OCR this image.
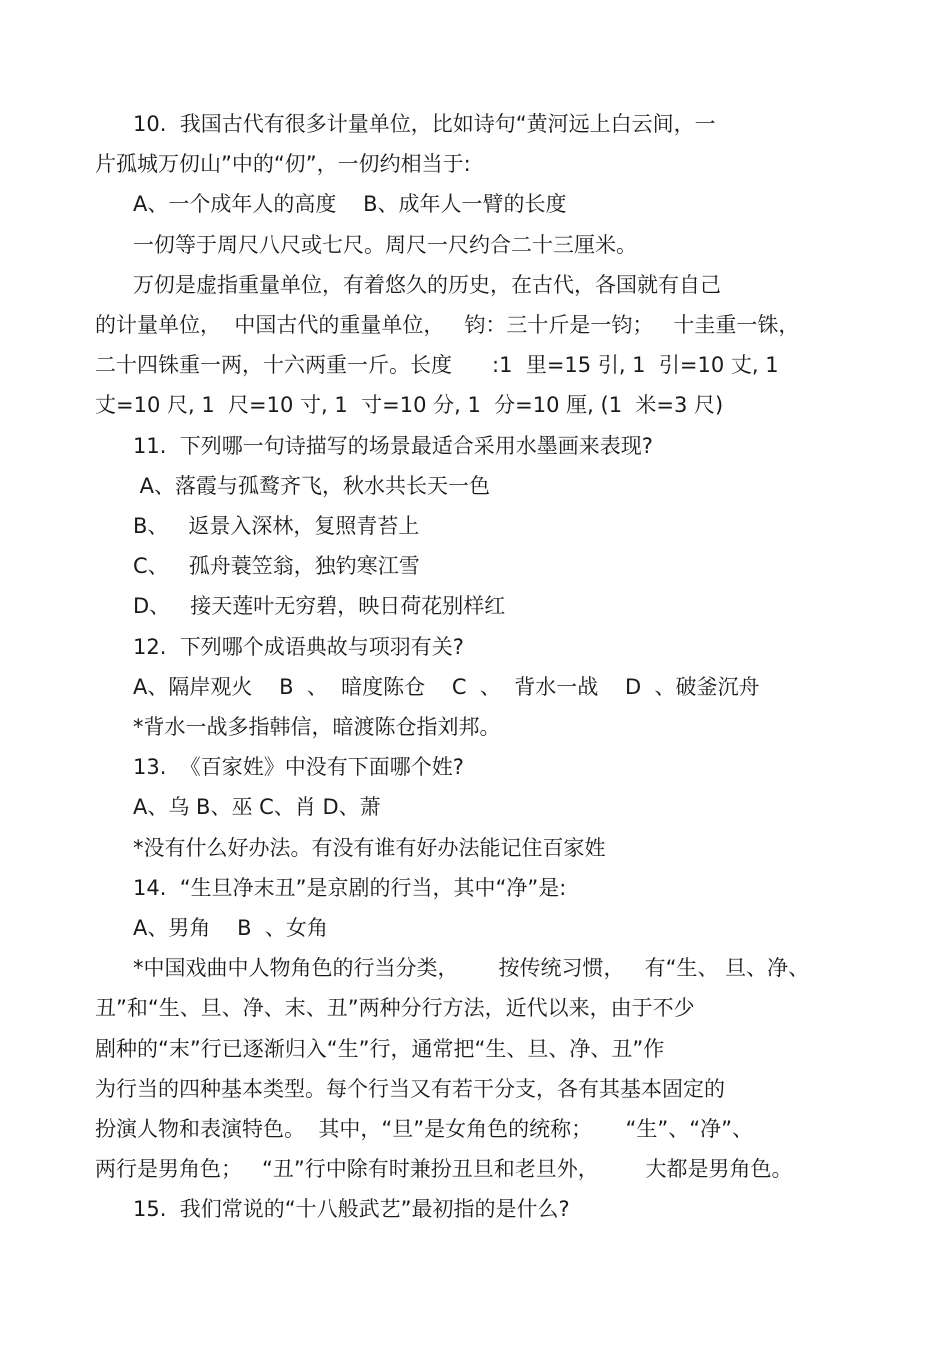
10.  我国古代有很多计量单位，比如诗句“黄河远上白云间，一
片孤城万仞山”中的“仞”，一仞约相当于:
A、一个成年人的高度    B、成年人一臂的长度
一仞等于周尺八尺或七尺。周尺一尺约合二十三厘米。
万仞是虚指重量单位，有着悠久的历史，在古代，各国就有自己
的计量单位，  中国古代的重量单位，   钧：三十斤是一钧；   十圭重一铢，
二十四铢重一两，十六两重一斤。长度      :1  里=15 引, 1  引=10 丈, 1
丈=10 尺, 1  尺=10 寸, 1  寸=10 分, 1  分=10 厘, (1  米=3 尺)
11.  下列哪一句诗描写的场景最适合采用水墨画来表现?
A、落霞与孤鹜齐飞，秋水共长天一色
B、   返景入深林，复照青苔上
C、   孤舟蓑笠翁，独钓寒江雪
D、   接天莲叶无穷碧，映日荷花别样红
12.  下列哪个成语典故与项羽有关?
A、隔岸观火    B  、  暗度陈仓    C  、  背水一战    D  、破釜沉舟
*背水一战多指韩信，暗渡陈仓指刘邦。
13.  《百家姓》中没有下面哪个姓?
A、乌 B、巫 C、肖 D、萧
*没有什么好办法。有没有谁有好办法能记住百家姓
14.  “生旦净末丑”是京剧的行当，其中“净”是:
A、男角    B  、女角
*中国戏曲中人物角色的行当分类，      按传统习惯，   有“生、 旦、净、
丑”和“生、旦、净、末、丑”两种分行方法，近代以来，由于不少
剧种的“末”行已逐渐归入“生”行，通常把“生、旦、净、丑”作
为行当的四种基本类型。每个行当又有若干分支，各有其基本固定的
扮演人物和表演特色。  其中，“旦”是女角色的统称；     “生”、“净”、
两行是男角色；   “丑”行中除有时兼扮丑旦和老旦外，       大都是男角色。
15.  我们常说的“十八般武艺”最初指的是什么?
